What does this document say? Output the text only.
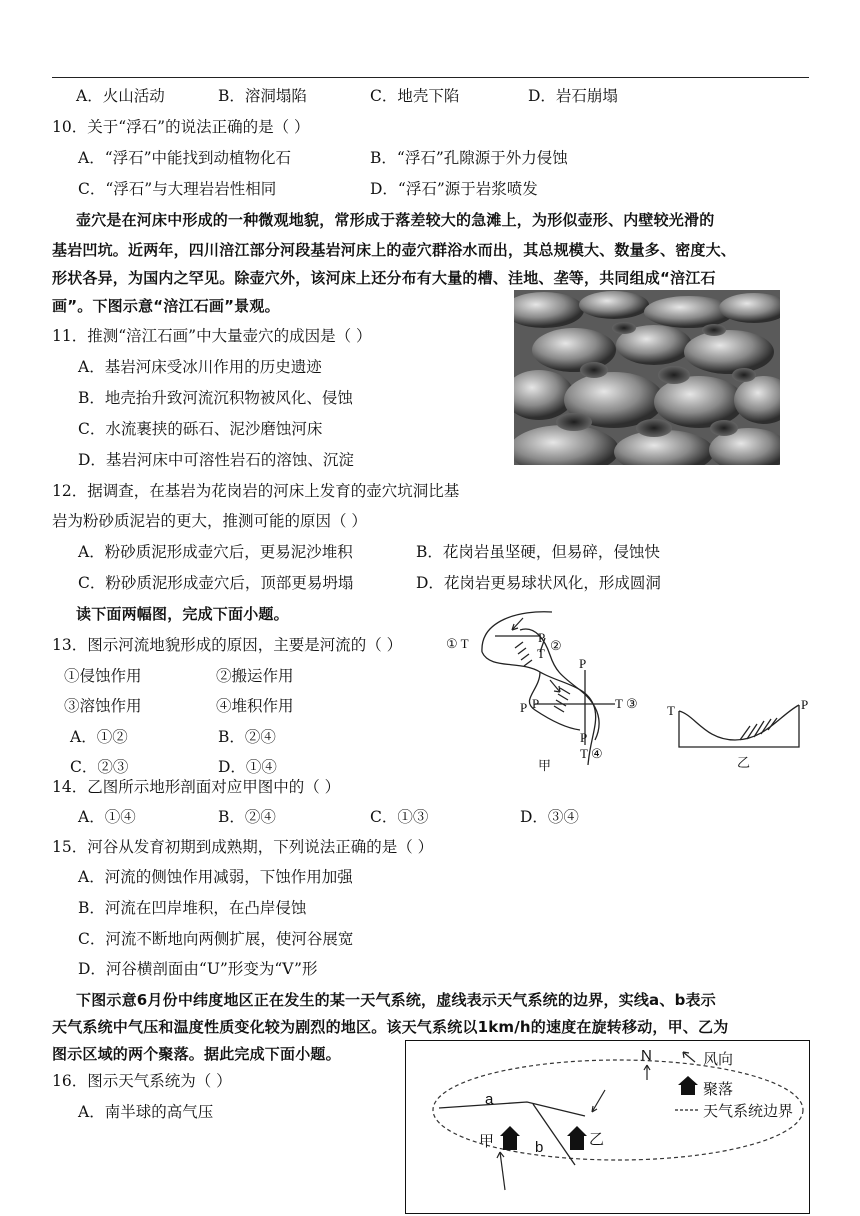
A．火山活动	B．溶洞塌陷	C．地壳下陷	D．岩石崩塌
10．关于“浮石”的说法正确的是（ ）
A．“浮石”中能找到动植物化石	B．“浮石”孔隙源于外力侵蚀
C．“浮石”与大理岩岩性相同	D．“浮石”源于岩浆喷发
壶穴是在河床中形成的一种微观地貌，常形成于落差较大的急滩上，为形似壶形、内壁较光滑的
基岩凹坑。近两年，四川涪江部分河段基岩河床上的壶穴群浴水而出，其总规模大、数量多、密度大、
形状各异，为国内之罕见。除壶穴外，该河床上还分布有大量的槽、洼地、垄等，共同组成“涪江石
画”。下图示意“涪江石画”景观。
11．推测“涪江石画”中大量壶穴的成因是（ ）
A．基岩河床受冰川作用的历史遗迹
B．地壳抬升致河流沉积物被风化、侵蚀
C．水流裹挟的砾石、泥沙磨蚀河床
D．基岩河床中可溶性岩石的溶蚀、沉淀
12．据调查，在基岩为花岗岩的河床上发育的壶穴坑洞比基
岩为粉砂质泥岩的更大，推测可能的原因（ ）
A．粉砂质泥形成壶穴后，更易泥沙堆积	B．花岗岩虽坚硬，但易碎，侵蚀快
C．粉砂质泥形成壶穴后，顶部更易坍塌	D．花岗岩更易球状风化，形成圆洞
读下面两幅图，完成下面小题。
13．图示河流地貌形成的原因，主要是河流的（ ）
①侵蚀作用	②搬运作用
③溶蚀作用	④堆积作用
A．①②	B．②④
C．②③	D．①④
① T	P
T
②
P
P
P	T ③
P
T ④
甲
T	P
乙
14．乙图所示地形剖面对应甲图中的（ ）
A．①④	B．②④	C．①③	D．③④
15．河谷从发育初期到成熟期，下列说法正确的是（ ）
A．河流的侧蚀作用减弱，下蚀作用加强
B．河流在凹岸堆积，在凸岸侵蚀
C．河流不断地向两侧扩展，使河谷展宽
D．河谷横剖面由“U”形变为“V”形
下图示意6月份中纬度地区正在发生的某一天气系统，虚线表示天气系统的边界，实线a、b表示
天气系统中气压和温度性质变化较为剧烈的地区。该天气系统以1km/h的速度在旋转移动，甲、乙为
图示区域的两个聚落。据此完成下面小题。
16．图示天气系统为（ ）
A．南半球的高气压
N	风向
聚落
天气系统边界
a
b
甲	乙
